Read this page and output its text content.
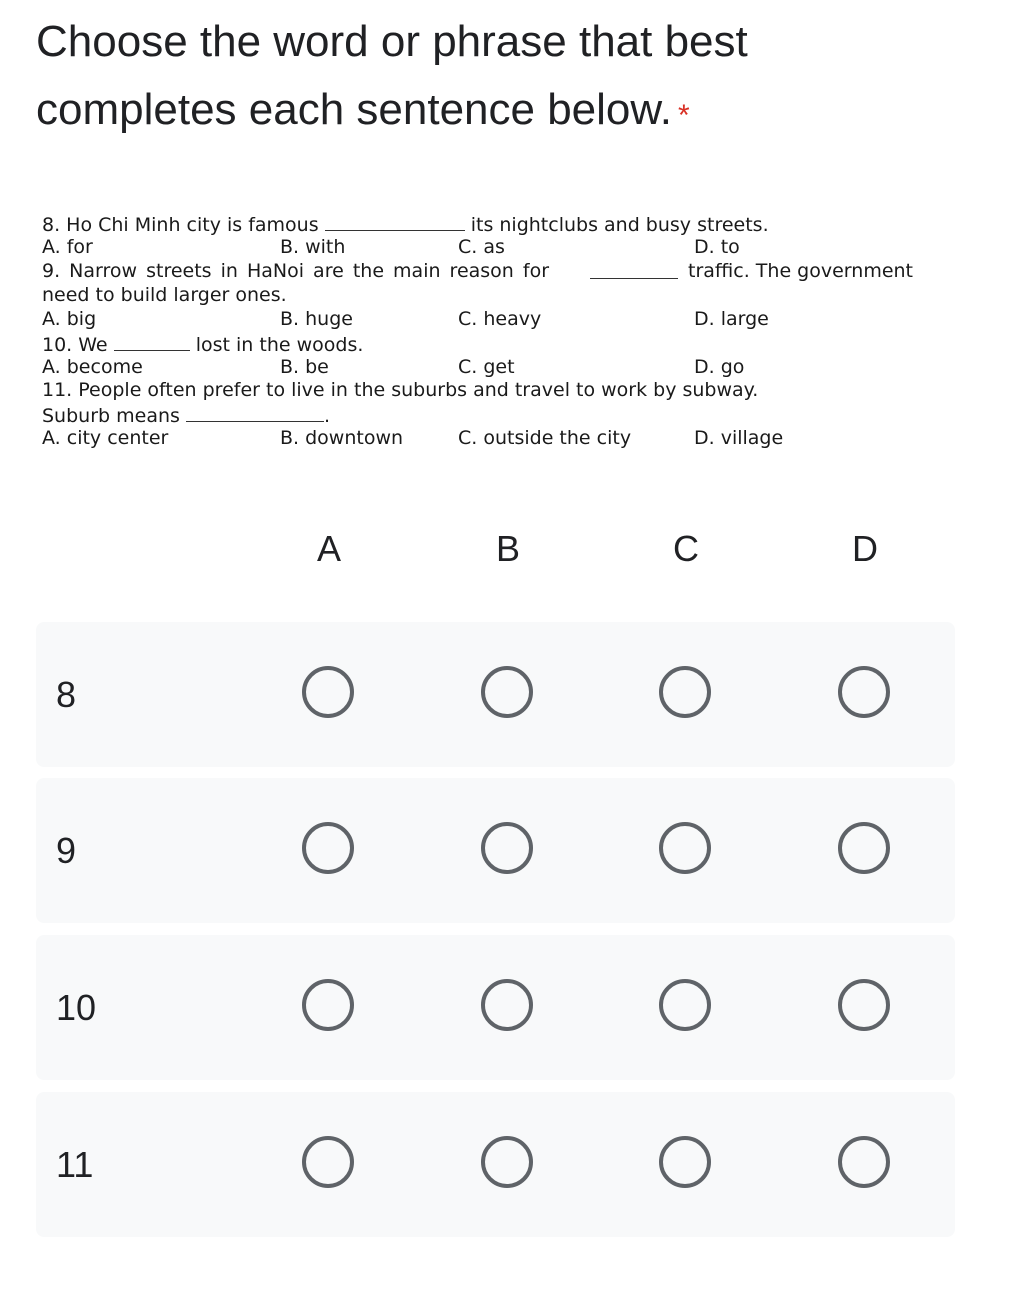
Choose the word or phrase that best completes each sentence below. *
8. Ho Chi Minh city is famous	its nightclubs and busy streets.
A. for	B. with	C. as	D. to
9. Narrow streets in HaNoi are the main reason for	traffic. The government
need to build larger ones.
A. big	B. huge	C. heavy	D. large
10. We	lost in the woods.
A. become	B. be	C. get	D. go
11. People often prefer to live in the suburbs and travel to work by subway.
Suburb means	.
A. city center	B. downtown	C. outside the city	D. village
A	B	C	D
8
9
10
11
